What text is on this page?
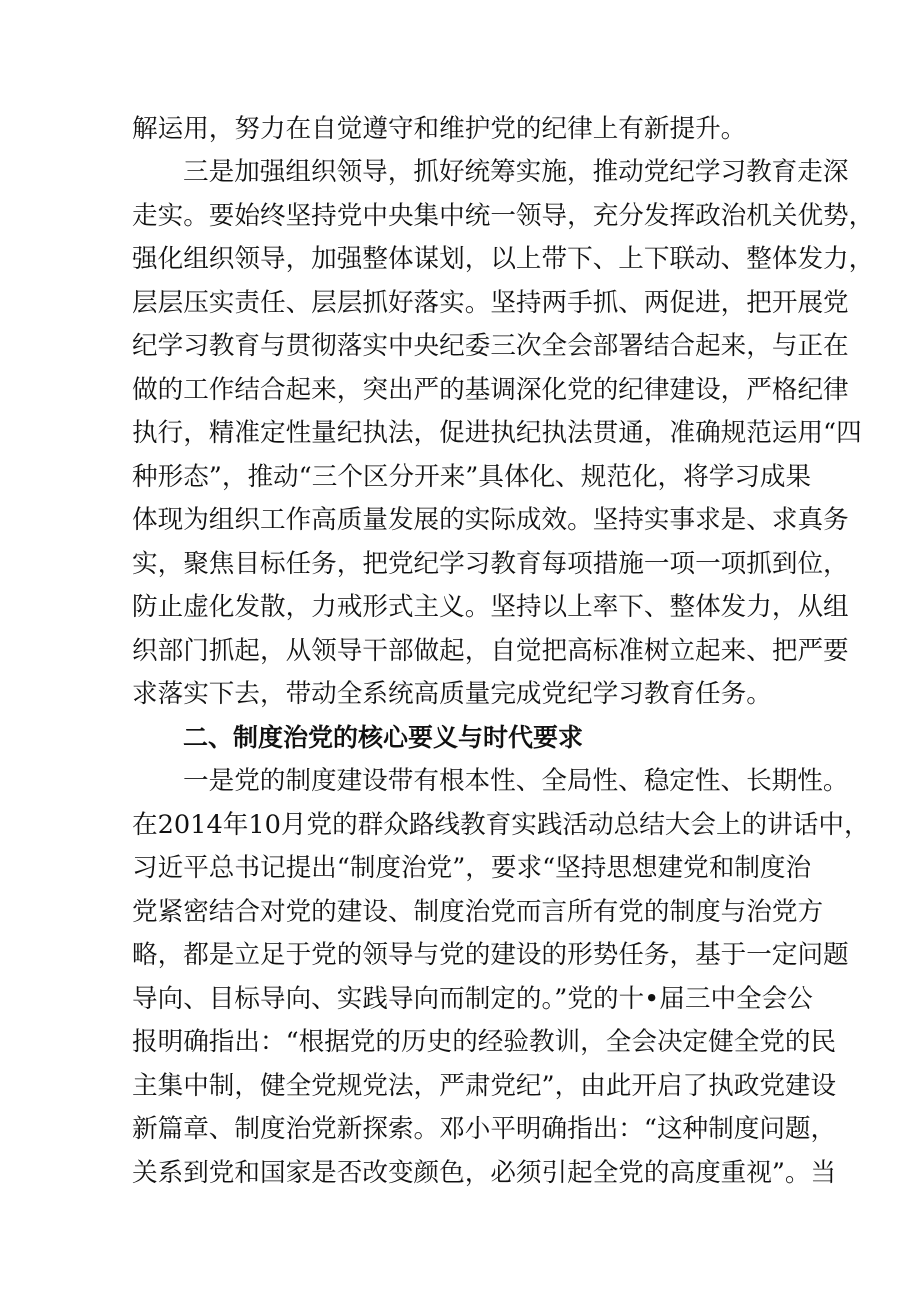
解运用，努力在自觉遵守和维护党的纪律上有新提升。
三是加强组织领导，抓好统筹实施，推动党纪学习教育走深
走实。要始终坚持党中央集中统一领导，充分发挥政治机关优势，
强化组织领导，加强整体谋划，以上带下、上下联动、整体发力，
层层压实责任、层层抓好落实。坚持两手抓、两促进，把开展党
纪学习教育与贯彻落实中央纪委三次全会部署结合起来，与正在
做的工作结合起来，突出严的基调深化党的纪律建设，严格纪律
执行，精准定性量纪执法，促进执纪执法贯通，准确规范运用“四
种形态”，推动“三个区分开来”具体化、规范化，将学习成果
体现为组织工作高质量发展的实际成效。坚持实事求是、求真务
实，聚焦目标任务，把党纪学习教育每项措施一项一项抓到位，
防止虚化发散，力戒形式主义。坚持以上率下、整体发力，从组
织部门抓起，从领导干部做起，自觉把高标准树立起来、把严要
求落实下去，带动全系统高质量完成党纪学习教育任务。
二、制度治党的核心要义与时代要求
一是党的制度建设带有根本性、全局性、稳定性、长期性。
在2014年10月党的群众路线教育实践活动总结大会上的讲话中，
习近平总书记提出“制度治党”，要求“坚持思想建党和制度治
党紧密结合对党的建设、制度治党而言所有党的制度与治党方
略，都是立足于党的领导与党的建设的形势任务，基于一定问题
导向、目标导向、实践导向而制定的。”党的十•届三中全会公
报明确指出：“根据党的历史的经验教训，全会决定健全党的民
主集中制，健全党规党法，严肃党纪”，由此开启了执政党建设
新篇章、制度治党新探索。邓小平明确指出：“这种制度问题，
关系到党和国家是否改变颜色，必须引起全党的高度重视”。当
